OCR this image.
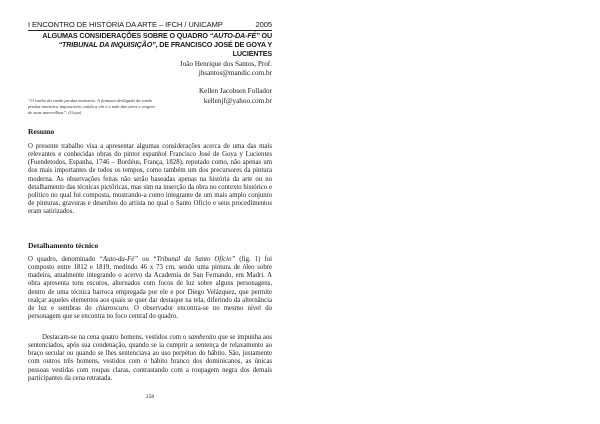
I ENCONTRO DE HISTÓRIA DA ARTE – IFCH / UNICAMP	2005
ALGUMAS CONSIDERAÇÕES SOBRE O QUADRO “AUTO-DA-FÉ” OU
“TRIBUNAL DA INQUISIÇÃO”, DE FRANCISCO JOSÉ DE GOYA Y LUCIENTES
João Henrique dos Santos, Prof.
jhsantos@mandic.com.br
Kellen Jacobsen Follador
kellenjf@yahoo.com.br
“O sonho da razão produz monstros. A fantasia desligada da razão produz monstros impossíveis; unida a ela é a mãe das artes e origem de suas maravilhas”. (Goya)
Resumo

O presente trabalho visa a apresentar algumas considerações acerca de uma das mais relevantes e conhecidas obras do pintor espanhol Francisco José de Goya y Lucientes (Fuendetodos, Espanha, 1746 – Bordéus, França, 1828), reputado como, não apenas um dos mais importantes de todos os tempos, como também um dos precursores da pintura moderna. As observações feitas não serão baseadas apenas na história da arte ou no detalhamento das técnicas pictóricas, mas sim na inserção da obra no contexto histórico e político no qual foi composta, mostrando-a como integrante de um mais amplo conjunto de pinturas, gravuras e desenhos do artista no qual o Santo Ofício e seus procedimentos eram satirizados.

Detalhamento técnico

O quadro, denominado “Auto-da-Fé” ou “Tribunal da Santo Ofício” (fig. 1) foi composto entre 1812 e 1819, medindo 46 x 73 cm, sendo uma pintura de óleo sobre madeira, atualmente integrando o acervo da Academia de San Fernando, em Madri. A obra apresenta tons escuros, alternados com focos de luz sobre alguns personagens, dentro de uma técnica barroca empregada por ele e por Diego Velázquez, que permite realçar aqueles elementos aos quais se quer dar destaque na tela, diferindo da alternância de luz e sombras do chiaroscuro. O observador encontra-se no mesmo nível do personagem que se encontra no foco central do quadro.

Destacam-se na cena quatro homens, vestidos com o sambenito que se impunha aos sentenciados, após sua condenação, quando se ia cumprir a sentença de relaxamento ao braço secular ou quando se lhes sentenciava ao uso perpétuo do hábito. São, justamente com outros três homens, vestidos com o hábito branco dos dominicanos, as únicas pessoas vestidas com roupas claras, contrastando com a roupagem negra dos demais participantes da cena retratada.

258
